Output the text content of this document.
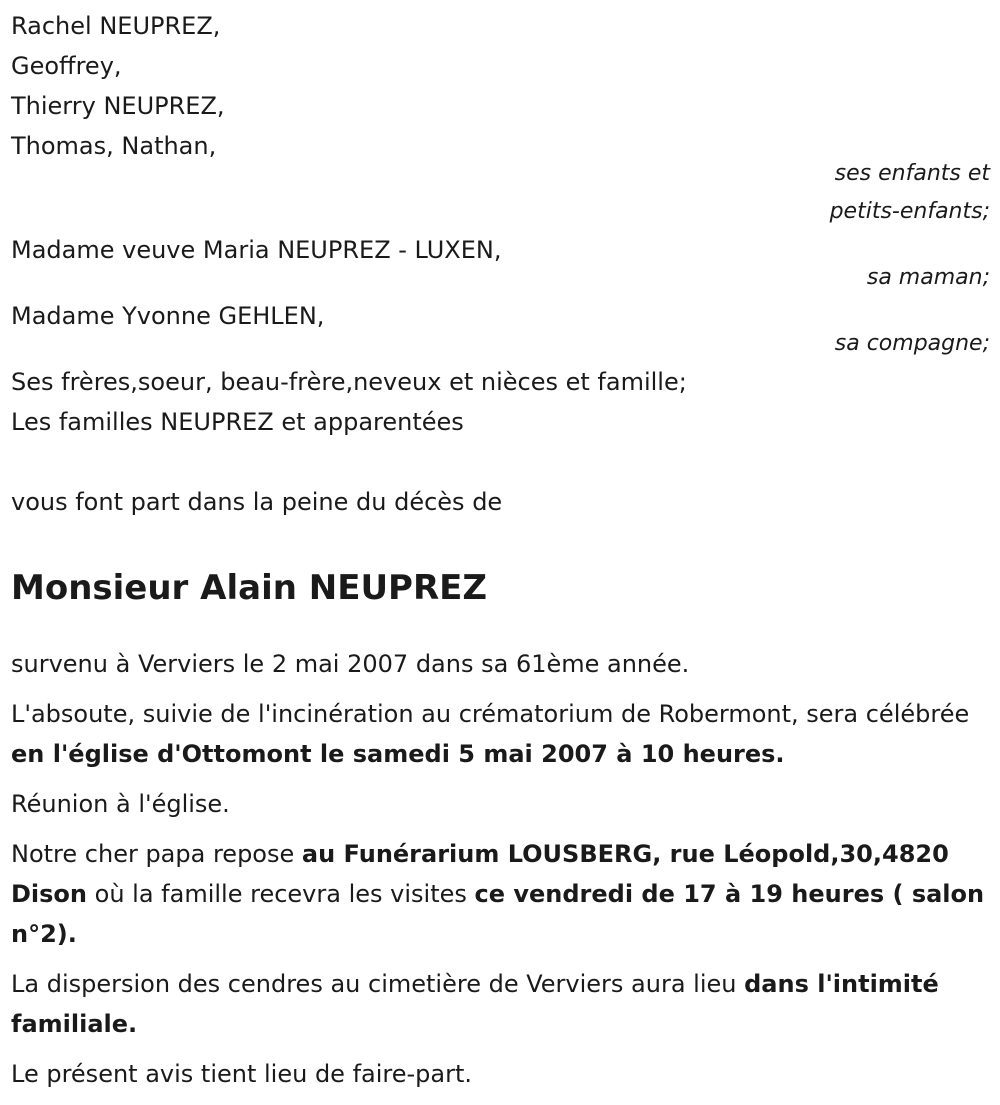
Rachel NEUPREZ,
Geoffrey,
Thierry NEUPREZ,
Thomas, Nathan,
ses enfants et
petits-enfants;
Madame veuve Maria NEUPREZ - LUXEN,
sa maman;
Madame Yvonne GEHLEN,
sa compagne;
Ses frères,soeur, beau-frère,neveux et nièces et famille;
Les familles NEUPREZ et apparentées
vous font part dans la peine du décès de
Monsieur Alain NEUPREZ

survenu à Verviers le 2 mai 2007 dans sa 61ème année.

L'absoute, suivie de l'incinération au crématorium de Robermont, sera célébrée en l'église d'Ottomont le samedi 5 mai 2007 à 10 heures.

Réunion à l'église.

Notre cher papa repose au Funérarium LOUSBERG, rue Léopold,30,4820 Dison où la famille recevra les visites ce vendredi de 17 à 19 heures ( salon n°2).

La dispersion des cendres au cimetière de Verviers aura lieu dans l'intimité familiale.

Le présent avis tient lieu de faire-part.
